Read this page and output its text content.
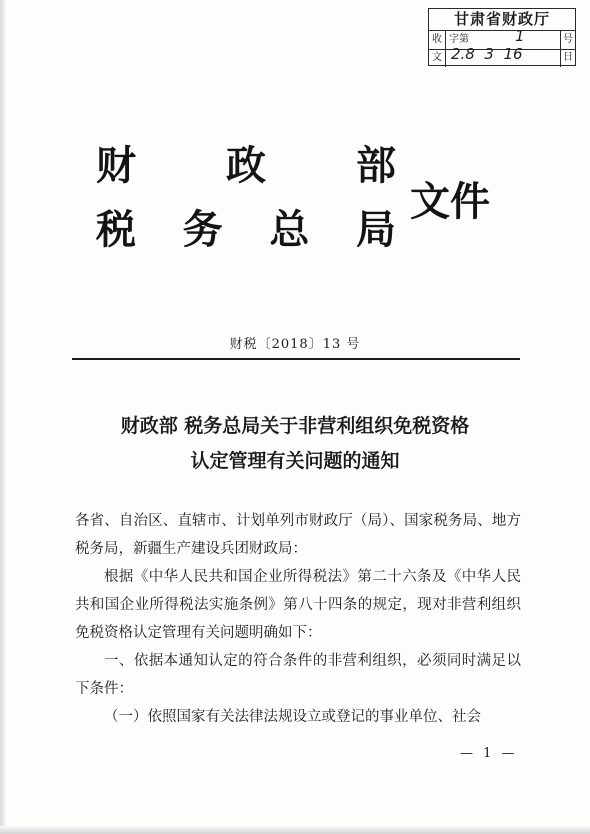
甘肃省财政厅
收 字第	1	号
文 2.8  3  16	日
财 政 部
税 务 总 局
文件
财税〔2018〕13 号
财政部 税务总局关于非营利组织免税资格
认定管理有关问题的通知

各省、自治区、直辖市、计划单列市财政厅（局）、国家税务局、地方税务局，新疆生产建设兵团财政局：

根据《中华人民共和国企业所得税法》第二十六条及《中华人民共和国企业所得税法实施条例》第八十四条的规定，现对非营利组织免税资格认定管理有关问题明确如下：

一、依据本通知认定的符合条件的非营利组织，必须同时满足以下条件：

（一）依照国家有关法律法规设立或登记的事业单位、社会

— 1 —
